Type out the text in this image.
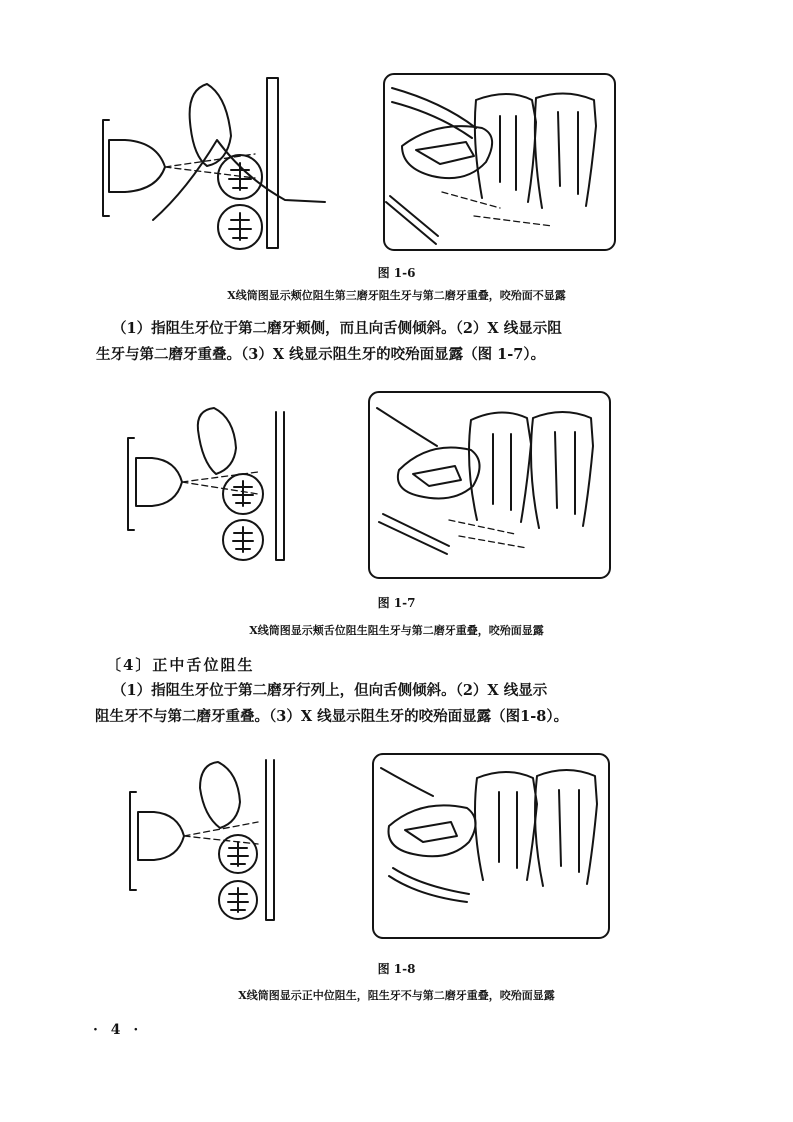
图 1-6
X线筒图显示颊位阻生第三磨牙阻生牙与第二磨牙重叠，咬殆面不显露
（1）指阻生牙位于第二磨牙颊侧，而且向舌侧倾斜。（2）X 线显示阻
生牙与第二磨牙重叠。（3）X 线显示阻生牙的咬殆面显露（图 1-7）。
图 1-7
X线筒图显示颊舌位阻生阻生牙与第二磨牙重叠，咬殆面显露
〔4〕正中舌位阻生
（1）指阻生牙位于第二磨牙行列上，但向舌侧倾斜。（2）X 线显示
阻生牙不与第二磨牙重叠。（3）X 线显示阻生牙的咬殆面显露（图1-8）。
图 1-8
X线筒图显示正中位阻生，阻生牙不与第二磨牙重叠，咬殆面显露
· 4 ·
